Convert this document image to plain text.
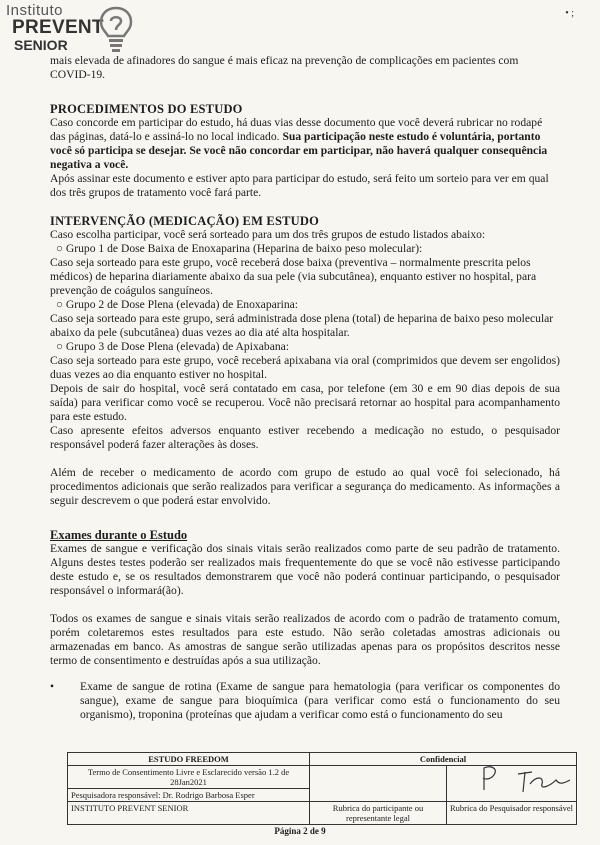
Instituto
PREVENT
SENIOR
• ;

mais elevada de afinadores do sangue é mais eficaz na prevenção de complicações em pacientes com COVID-19.

PROCEDIMENTOS DO ESTUDO

Caso concorde em participar do estudo, há duas vias desse documento que você deverá rubricar no rodapé das páginas, datá-lo e assiná-lo no local indicado. Sua participação neste estudo é voluntária, portanto você só participa se desejar. Se você não concordar em participar, não haverá qualquer consequência negativa a você.

Após assinar este documento e estiver apto para participar do estudo, será feito um sorteio para ver em qual dos três grupos de tratamento você fará parte.

INTERVENÇÃO (MEDICAÇÃO) EM ESTUDO

Caso escolha participar, você será sorteado para um dos três grupos de estudo listados abaixo:

○ Grupo 1 de Dose Baixa de Enoxaparina (Heparina de baixo peso molecular):

Caso seja sorteado para este grupo, você receberá dose baixa (preventiva – normalmente prescrita pelos médicos) de heparina diariamente abaixo da sua pele (via subcutânea), enquanto estiver no hospital, para prevenção de coágulos sanguíneos.

○ Grupo 2 de Dose Plena (elevada) de Enoxaparina:

Caso seja sorteado para este grupo, será administrada dose plena (total) de heparina de baixo peso molecular abaixo da pele (subcutânea) duas vezes ao dia até alta hospitalar.

○ Grupo 3 de Dose Plena (elevada) de Apixabana:

Caso seja sorteado para este grupo, você receberá apixabana via oral (comprimidos que devem ser engolidos) duas vezes ao dia enquanto estiver no hospital.

Depois de sair do hospital, você será contatado em casa, por telefone (em 30 e em 90 dias depois de sua saída) para verificar como você se recuperou. Você não precisará retornar ao hospital para acompanhamento para este estudo.

Caso apresente efeitos adversos enquanto estiver recebendo a medicação no estudo, o pesquisador responsável poderá fazer alterações às doses.

Além de receber o medicamento de acordo com grupo de estudo ao qual você foi selecionado, há procedimentos adicionais que serão realizados para verificar a segurança do medicamento. As informações a seguir descrevem o que poderá estar envolvido.

Exames durante o Estudo

Exames de sangue e verificação dos sinais vitais serão realizados como parte de seu padrão de tratamento. Alguns destes testes poderão ser realizados mais frequentemente do que se você não estivesse participando deste estudo e, se os resultados demonstrarem que você não poderá continuar participando, o pesquisador responsável o informará(ão).

Todos os exames de sangue e sinais vitais serão realizados de acordo com o padrão de tratamento comum, porém coletaremos estes resultados para este estudo. Não serão coletadas amostras adicionais ou armazenadas em banco. As amostras de sangue serão utilizadas apenas para os propósitos descritos nesse termo de consentimento e destruídas após a sua utilização.

•	Exame de sangue de rotina (Exame de sangue para hematologia (para verificar os componentes do sangue), exame de sangue para bioquímica (para verificar como está o funcionamento do seu organismo), troponina (proteínas que ajudam a verificar como está o funcionamento do seu
ESTUDO FREEDOM	Confidencial	
Termo de Consentimento Livre e Esclarecido versão 1.2 de 28Jan2021		
Pesquisadora responsável: Dr. Rodrigo Barbosa Esper		
INSTITUTO PREVENT SENIOR	Rubrica do participante ou representante legal	Rubrica do Pesquisador responsável
Página 2 de 9
